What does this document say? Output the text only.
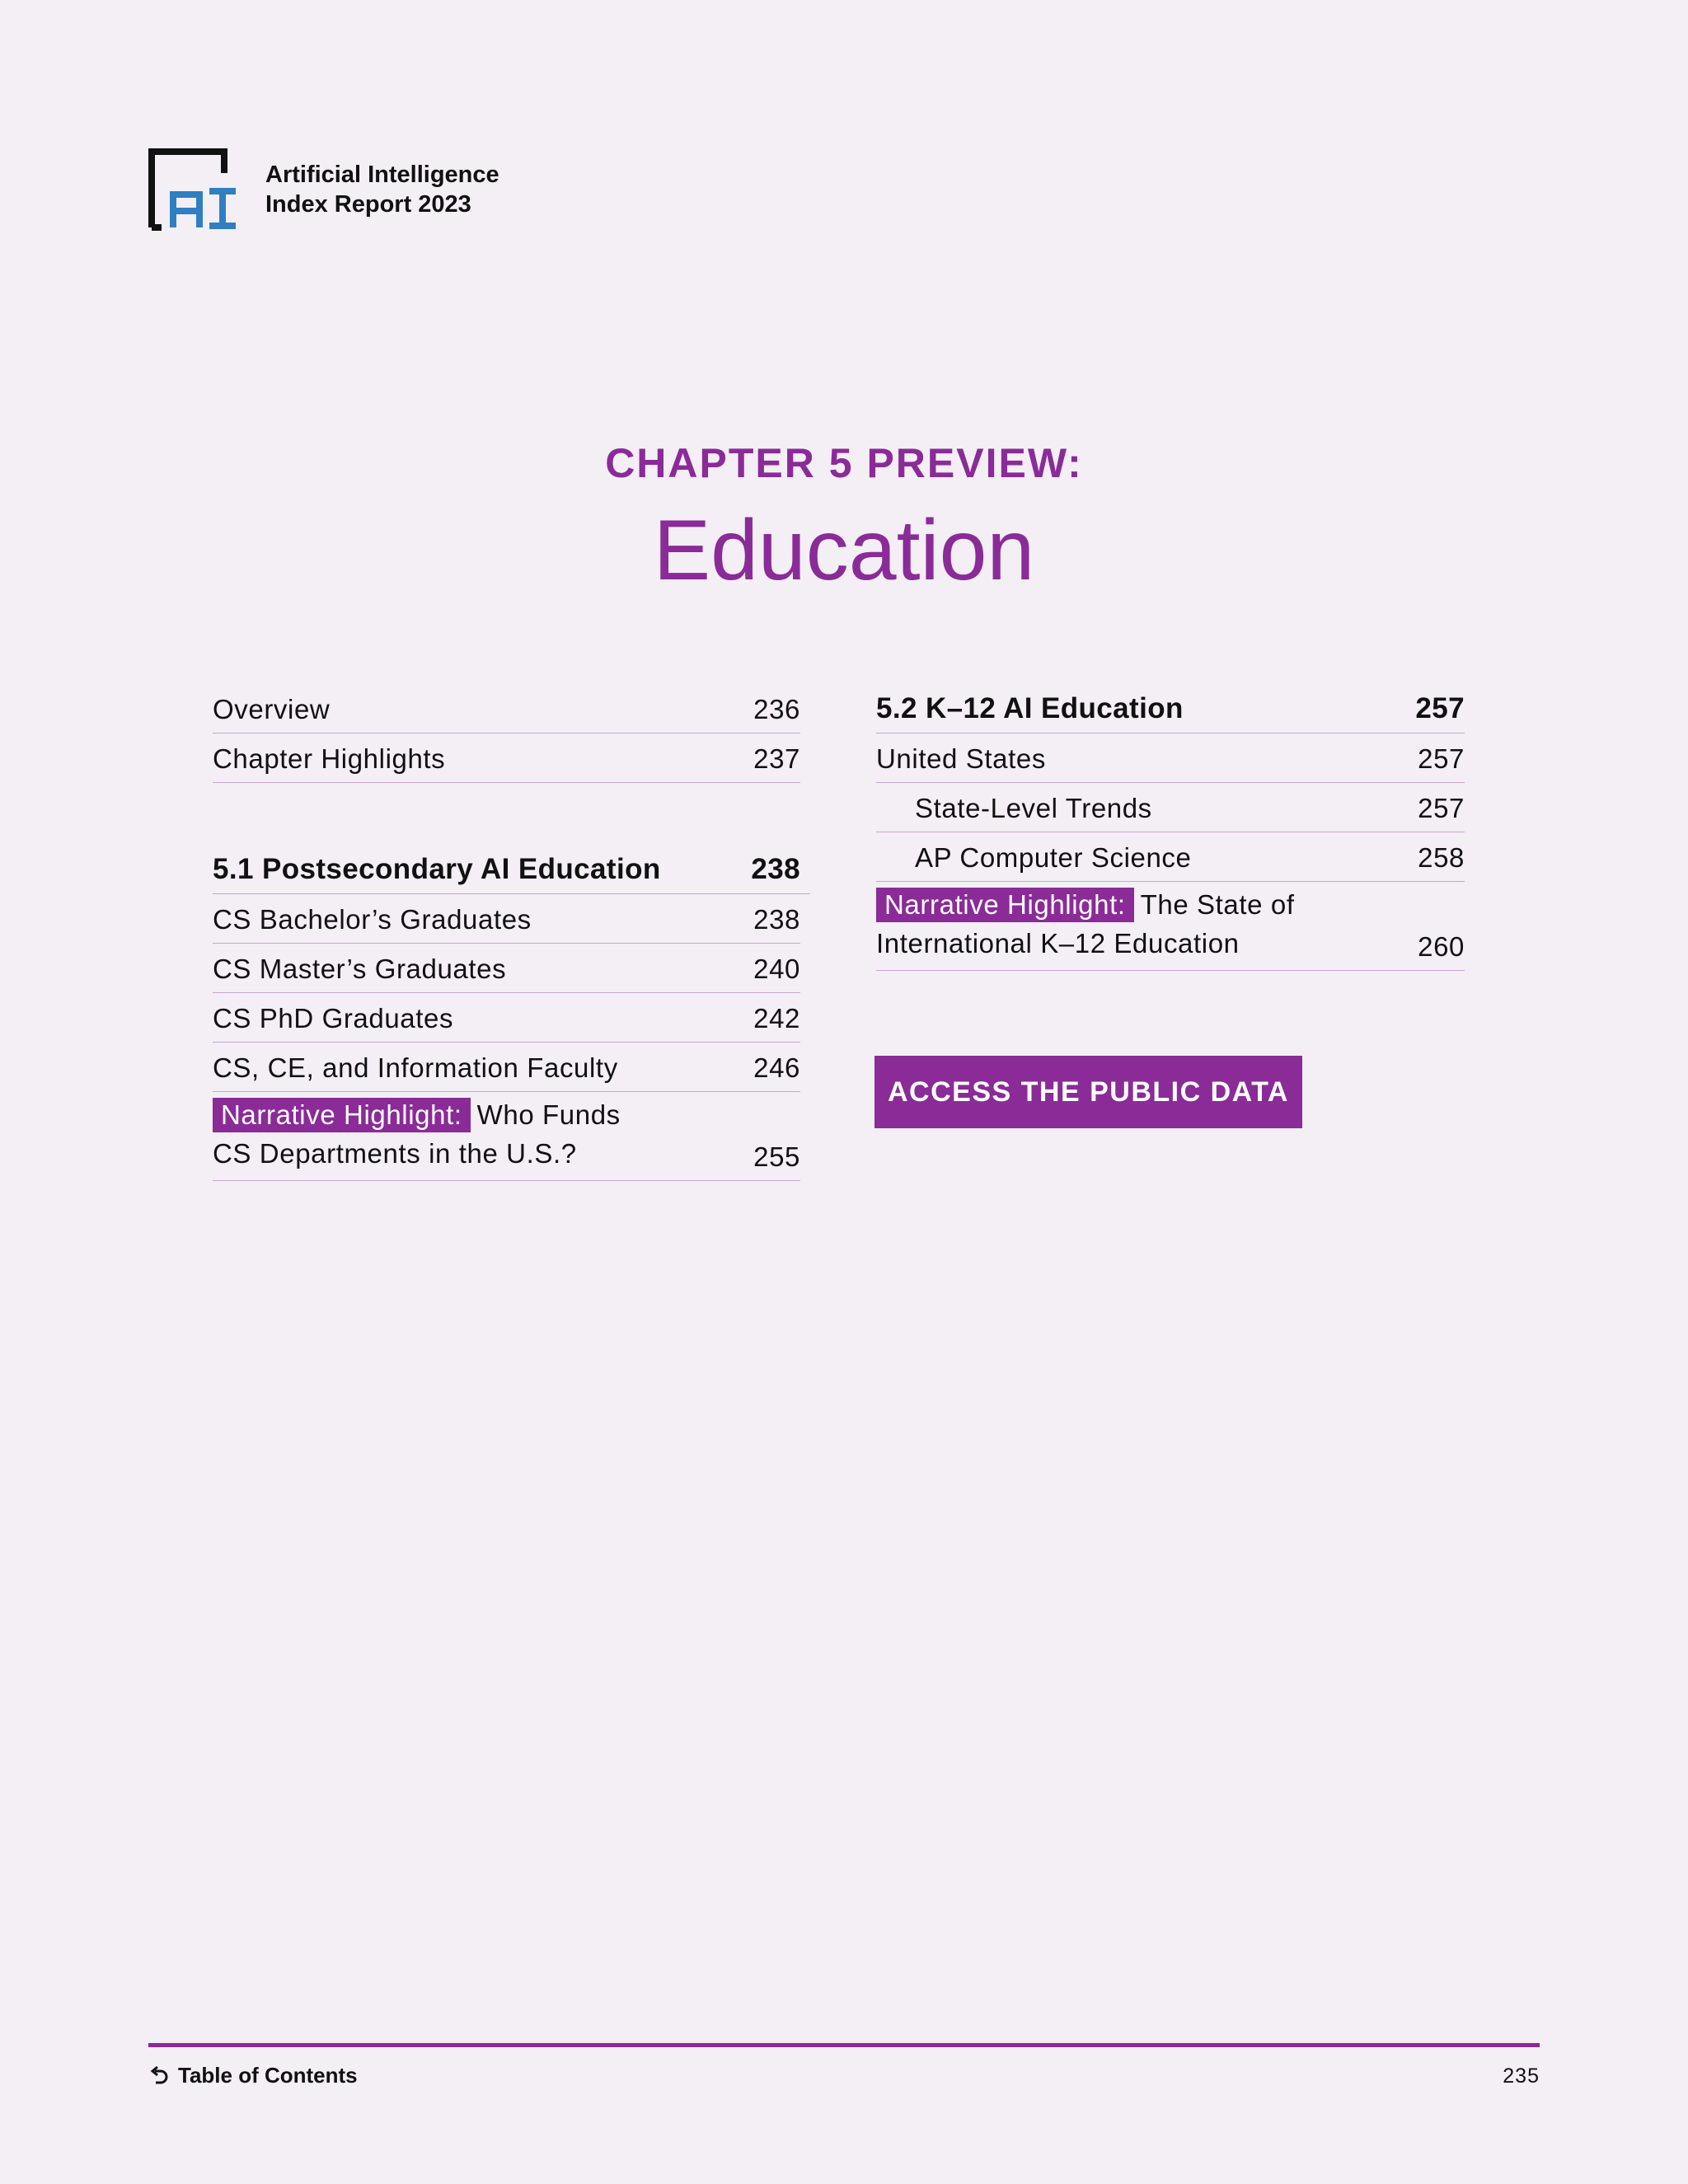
Artificial Intelligence
Index Report 2023
CHAPTER 5 PREVIEW:
Education
Overview	236
Chapter Highlights	237
5.1 Postsecondary AI Education	238
CS Bachelor’s Graduates	238
CS Master’s Graduates	240
CS PhD Graduates	242
CS, CE, and Information Faculty	246
Narrative Highlight: Who Funds
CS Departments in the U.S.?	255
5.2 K–12 AI Education	257
United States	257
State-Level Trends	257
AP Computer Science	258
Narrative Highlight: The State of
International K–12 Education	260
ACCESS THE PUBLIC DATA
Table of Contents	235
